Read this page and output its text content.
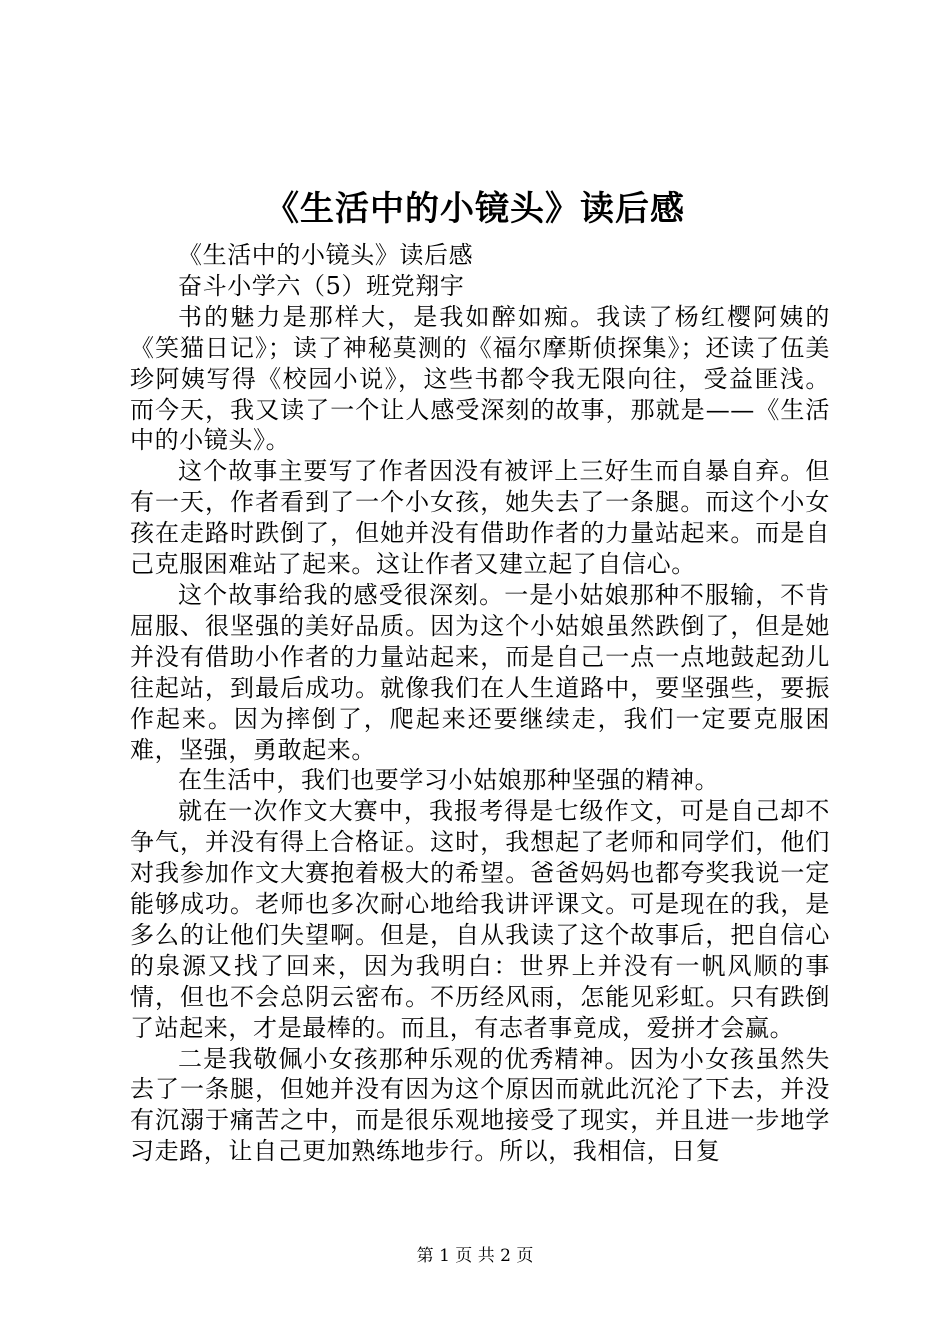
《生活中的小镜头》读后感

《生活中的小镜头》读后感

奋斗小学六（5）班党翔宇

书的魅力是那样大，是我如醉如痴。我读了杨红樱阿姨的《笑猫日记》；读了神秘莫测的《福尔摩斯侦探集》；还读了伍美珍阿姨写得《校园小说》，这些书都令我无限向往，受益匪浅。而今天，我又读了一个让人感受深刻的故事，那就是——《生活中的小镜头》。

这个故事主要写了作者因没有被评上三好生而自暴自弃。但有一天，作者看到了一个小女孩，她失去了一条腿。而这个小女孩在走路时跌倒了，但她并没有借助作者的力量站起来。而是自己克服困难站了起来。这让作者又建立起了自信心。

这个故事给我的感受很深刻。一是小姑娘那种不服输，不肯屈服、很坚强的美好品质。因为这个小姑娘虽然跌倒了，但是她并没有借助小作者的力量站起来，而是自己一点一点地鼓起劲儿往起站，到最后成功。就像我们在人生道路中，要坚强些，要振作起来。因为摔倒了，爬起来还要继续走，我们一定要克服困难，坚强，勇敢起来。

在生活中，我们也要学习小姑娘那种坚强的精神。

就在一次作文大赛中，我报考得是七级作文，可是自己却不争气，并没有得上合格证。这时，我想起了老师和同学们，他们对我参加作文大赛抱着极大的希望。爸爸妈妈也都夸奖我说一定能够成功。老师也多次耐心地给我讲评课文。可是现在的我，是多么的让他们失望啊。但是，自从我读了这个故事后，把自信心的泉源又找了回来，因为我明白：世界上并没有一帆风顺的事情，但也不会总阴云密布。不历经风雨，怎能见彩虹。只有跌倒了站起来，才是最棒的。而且，有志者事竟成，爱拼才会赢。

二是我敬佩小女孩那种乐观的优秀精神。因为小女孩虽然失去了一条腿，但她并没有因为这个原因而就此沉沦了下去，并没有沉溺于痛苦之中，而是很乐观地接受了现实，并且进一步地学习走路，让自己更加熟练地步行。所以，我相信，日复

第 1 页 共 2 页
